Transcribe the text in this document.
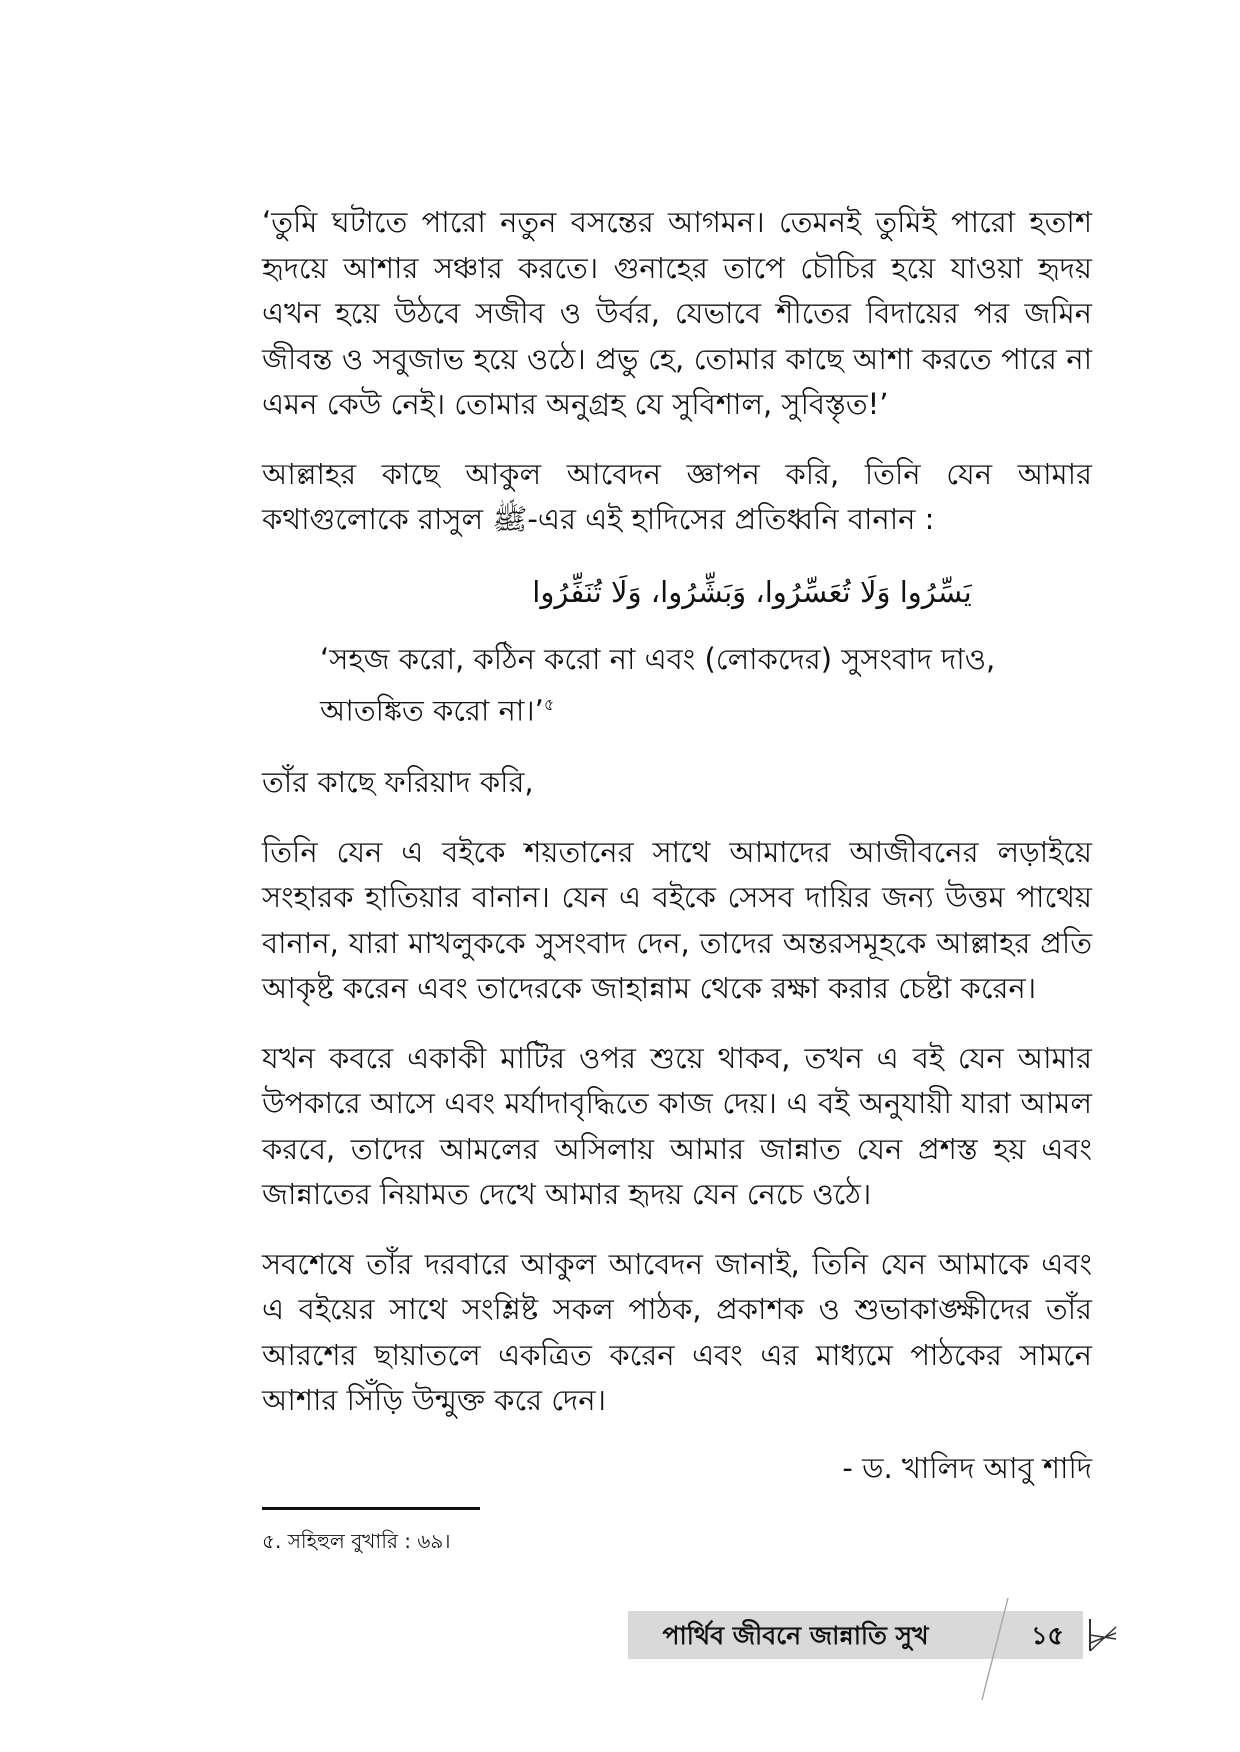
‘তুমি ঘটাতে পারো নতুন বসন্তের আগমন। তেমনই তুমিই পারো হতাশ হৃদয়ে আশার সঞ্চার করতে। গুনাহের তাপে চৌচির হয়ে যাওয়া হৃদয় এখন হয়ে উঠবে সজীব ও উর্বর, যেভাবে শীতের বিদায়ের পর জমিন জীবন্ত ও সবুজাভ হয়ে ওঠে। প্রভু হে, তোমার কাছে আশা করতে পারে না এমন কেউ নেই। তোমার অনুগ্রহ যে সুবিশাল, সুবিস্তৃত!’

আল্লাহর কাছে আকুল আবেদন জ্ঞাপন করি, তিনি যেন আমার কথাগুলোকে রাসুল ﷺ-এর এই হাদিসের প্রতিধ্বনি বানান :

يَسِّرُوا وَلَا تُعَسِّرُوا، وَبَشِّرُوا، وَلَا تُنَفِّرُوا

‘সহজ করো, কঠিন করো না এবং (লোকদের) সুসংবাদ দাও, আতঙ্কিত করো না।’$^৫$

তাঁর কাছে ফরিয়াদ করি,

তিনি যেন এ বইকে শয়তানের সাথে আমাদের আজীবনের লড়াইয়ে সংহারক হাতিয়ার বানান। যেন এ বইকে সেসব দায়ির জন্য উত্তম পাথেয় বানান, যারা মাখলুককে সুসংবাদ দেন, তাদের অন্তরসমূহকে আল্লাহর প্রতি আকৃষ্ট করেন এবং তাদেরকে জাহান্নাম থেকে রক্ষা করার চেষ্টা করেন।

যখন কবরে একাকী মাটির ওপর শুয়ে থাকব, তখন এ বই যেন আমার উপকারে আসে এবং মর্যাদাবৃদ্ধিতে কাজ দেয়। এ বই অনুযায়ী যারা আমল করবে, তাদের আমলের অসিলায় আমার জান্নাত যেন প্রশস্ত হয় এবং জান্নাতের নিয়ামত দেখে আমার হৃদয় যেন নেচে ওঠে।

সবশেষে তাঁর দরবারে আকুল আবেদন জানাই, তিনি যেন আমাকে এবং এ বইয়ের সাথে সংশ্লিষ্ট সকল পাঠক, প্রকাশক ও শুভাকাঙ্ক্ষীদের তাঁর আরশের ছায়াতলে একত্রিত করেন এবং এর মাধ্যমে পাঠকের সামনে আশার সিঁড়ি উন্মুক্ত করে দেন।

- ড. খালিদ আবু শাদি

৫. সহিহুল বুখারি : ৬৯।

পার্থিব জীবনে জান্নাতি সুখ	১৫
